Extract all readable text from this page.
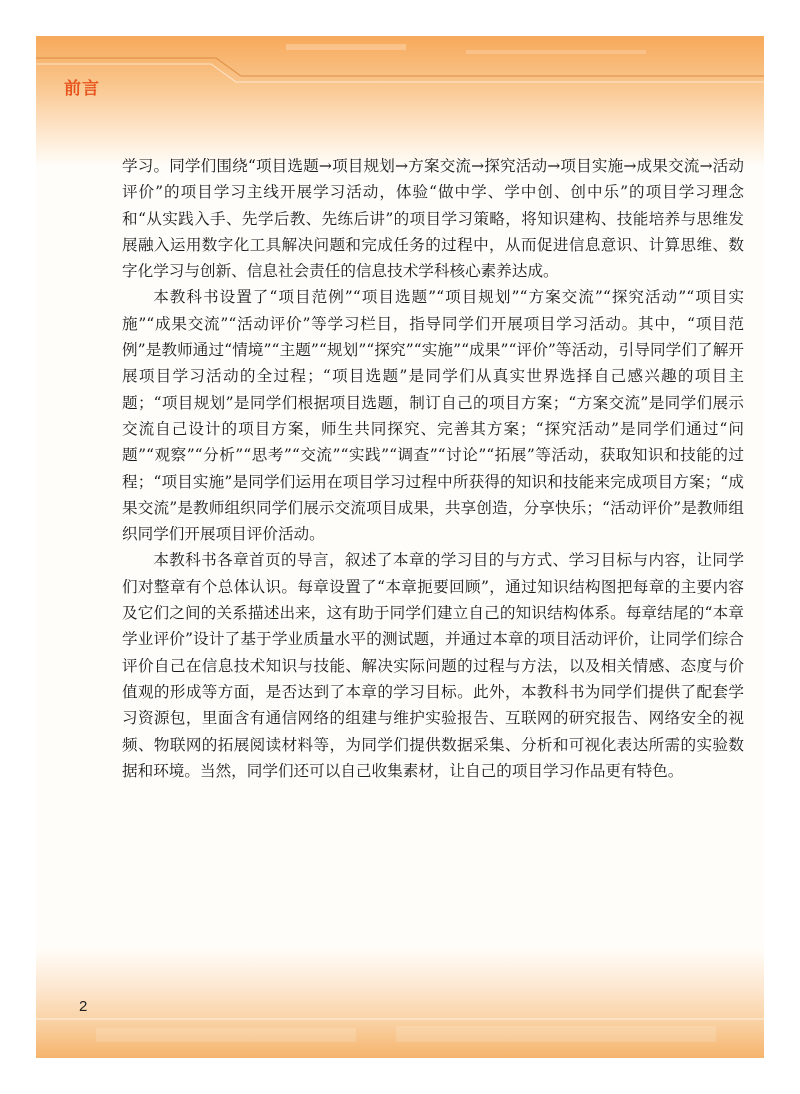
前言

学习。同学们围绕“项目选题→项目规划→方案交流→探究活动→项目实施→成果交流→活动评价”的项目学习主线开展学习活动，体验“做中学、学中创、创中乐”的项目学习理念和“从实践入手、先学后教、先练后讲”的项目学习策略，将知识建构、技能培养与思维发展融入运用数字化工具解决问题和完成任务的过程中，从而促进信息意识、计算思维、数字化学习与创新、信息社会责任的信息技术学科核心素养达成。

本教科书设置了“项目范例”“项目选题”“项目规划”“方案交流”“探究活动”“项目实施”“成果交流”“活动评价”等学习栏目，指导同学们开展项目学习活动。其中，“项目范例”是教师通过“情境”“主题”“规划”“探究”“实施”“成果”“评价”等活动，引导同学们了解开展项目学习活动的全过程；“项目选题”是同学们从真实世界选择自己感兴趣的项目主题；“项目规划”是同学们根据项目选题，制订自己的项目方案；“方案交流”是同学们展示交流自己设计的项目方案，师生共同探究、完善其方案；“探究活动”是同学们通过“问题”“观察”“分析”“思考”“交流”“实践”“调查”“讨论”“拓展”等活动，获取知识和技能的过程；“项目实施”是同学们运用在项目学习过程中所获得的知识和技能来完成项目方案；“成果交流”是教师组织同学们展示交流项目成果，共享创造，分享快乐；“活动评价”是教师组织同学们开展项目评价活动。

本教科书各章首页的导言，叙述了本章的学习目的与方式、学习目标与内容，让同学们对整章有个总体认识。每章设置了“本章扼要回顾”，通过知识结构图把每章的主要内容及它们之间的关系描述出来，这有助于同学们建立自己的知识结构体系。每章结尾的“本章学业评价”设计了基于学业质量水平的测试题，并通过本章的项目活动评价，让同学们综合评价自己在信息技术知识与技能、解决实际问题的过程与方法，以及相关情感、态度与价值观的形成等方面，是否达到了本章的学习目标。此外，本教科书为同学们提供了配套学习资源包，里面含有通信网络的组建与维护实验报告、互联网的研究报告、网络安全的视频、物联网的拓展阅读材料等，为同学们提供数据采集、分析和可视化表达所需的实验数据和环境。当然，同学们还可以自己收集素材，让自己的项目学习作品更有特色。

2
